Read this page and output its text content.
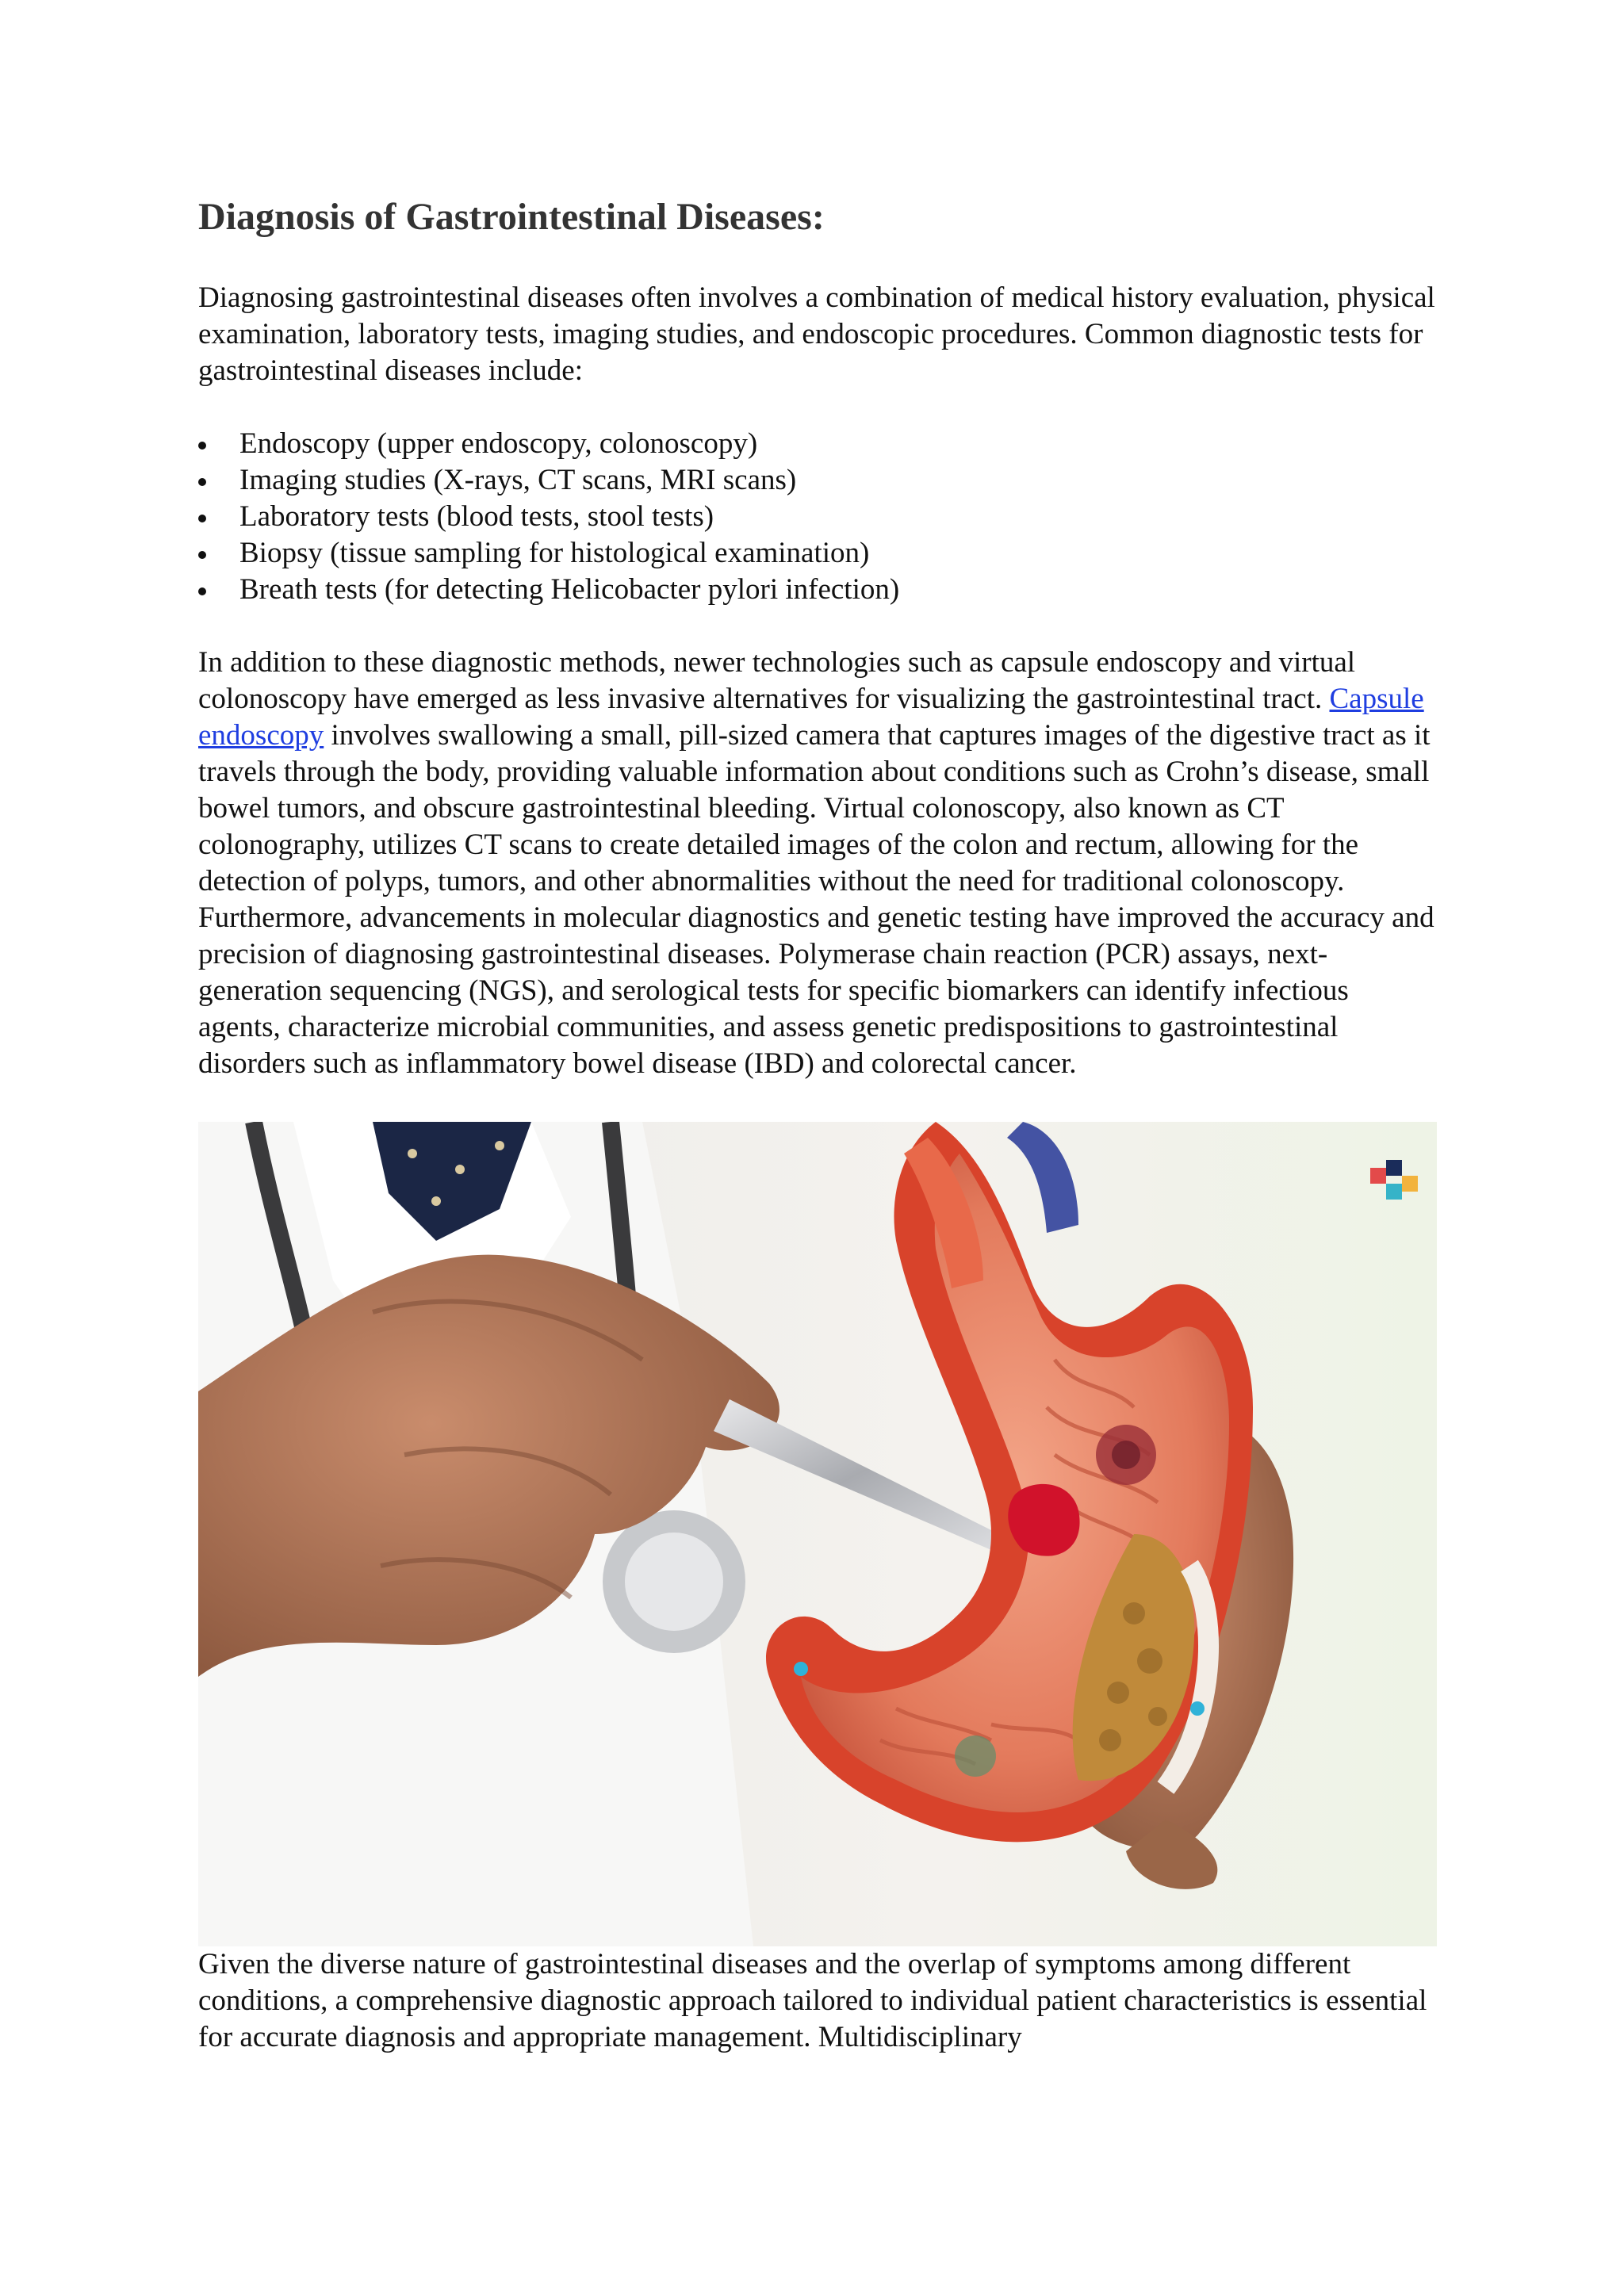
Diagnosis of Gastrointestinal Diseases:

Diagnosing gastrointestinal diseases often involves a combination of medical history evaluation, physical examination, laboratory tests, imaging studies, and endoscopic procedures. Common diagnostic tests for gastrointestinal diseases include:

Endoscopy (upper endoscopy, colonoscopy)
Imaging studies (X-rays, CT scans, MRI scans)
Laboratory tests (blood tests, stool tests)
Biopsy (tissue sampling for histological examination)
Breath tests (for detecting Helicobacter pylori infection)

In addition to these diagnostic methods, newer technologies such as capsule endoscopy and virtual colonoscopy have emerged as less invasive alternatives for visualizing the gastrointestinal tract. Capsule endoscopy involves swallowing a small, pill-sized camera that captures images of the digestive tract as it travels through the body, providing valuable information about conditions such as Crohn’s disease, small bowel tumors, and obscure gastrointestinal bleeding. Virtual colonoscopy, also known as CT colonography, utilizes CT scans to create detailed images of the colon and rectum, allowing for the detection of polyps, tumors, and other abnormalities without the need for traditional colonoscopy.

Furthermore, advancements in molecular diagnostics and genetic testing have improved the accuracy and precision of diagnosing gastrointestinal diseases. Polymerase chain reaction (PCR) assays, next-generation sequencing (NGS), and serological tests for specific biomarkers can identify infectious agents, characterize microbial communities, and assess genetic predispositions to gastrointestinal disorders such as inflammatory bowel disease (IBD) and colorectal cancer.

Given the diverse nature of gastrointestinal diseases and the overlap of symptoms among different conditions, a comprehensive diagnostic approach tailored to individual patient characteristics is essential for accurate diagnosis and appropriate management. Multidisciplinary
